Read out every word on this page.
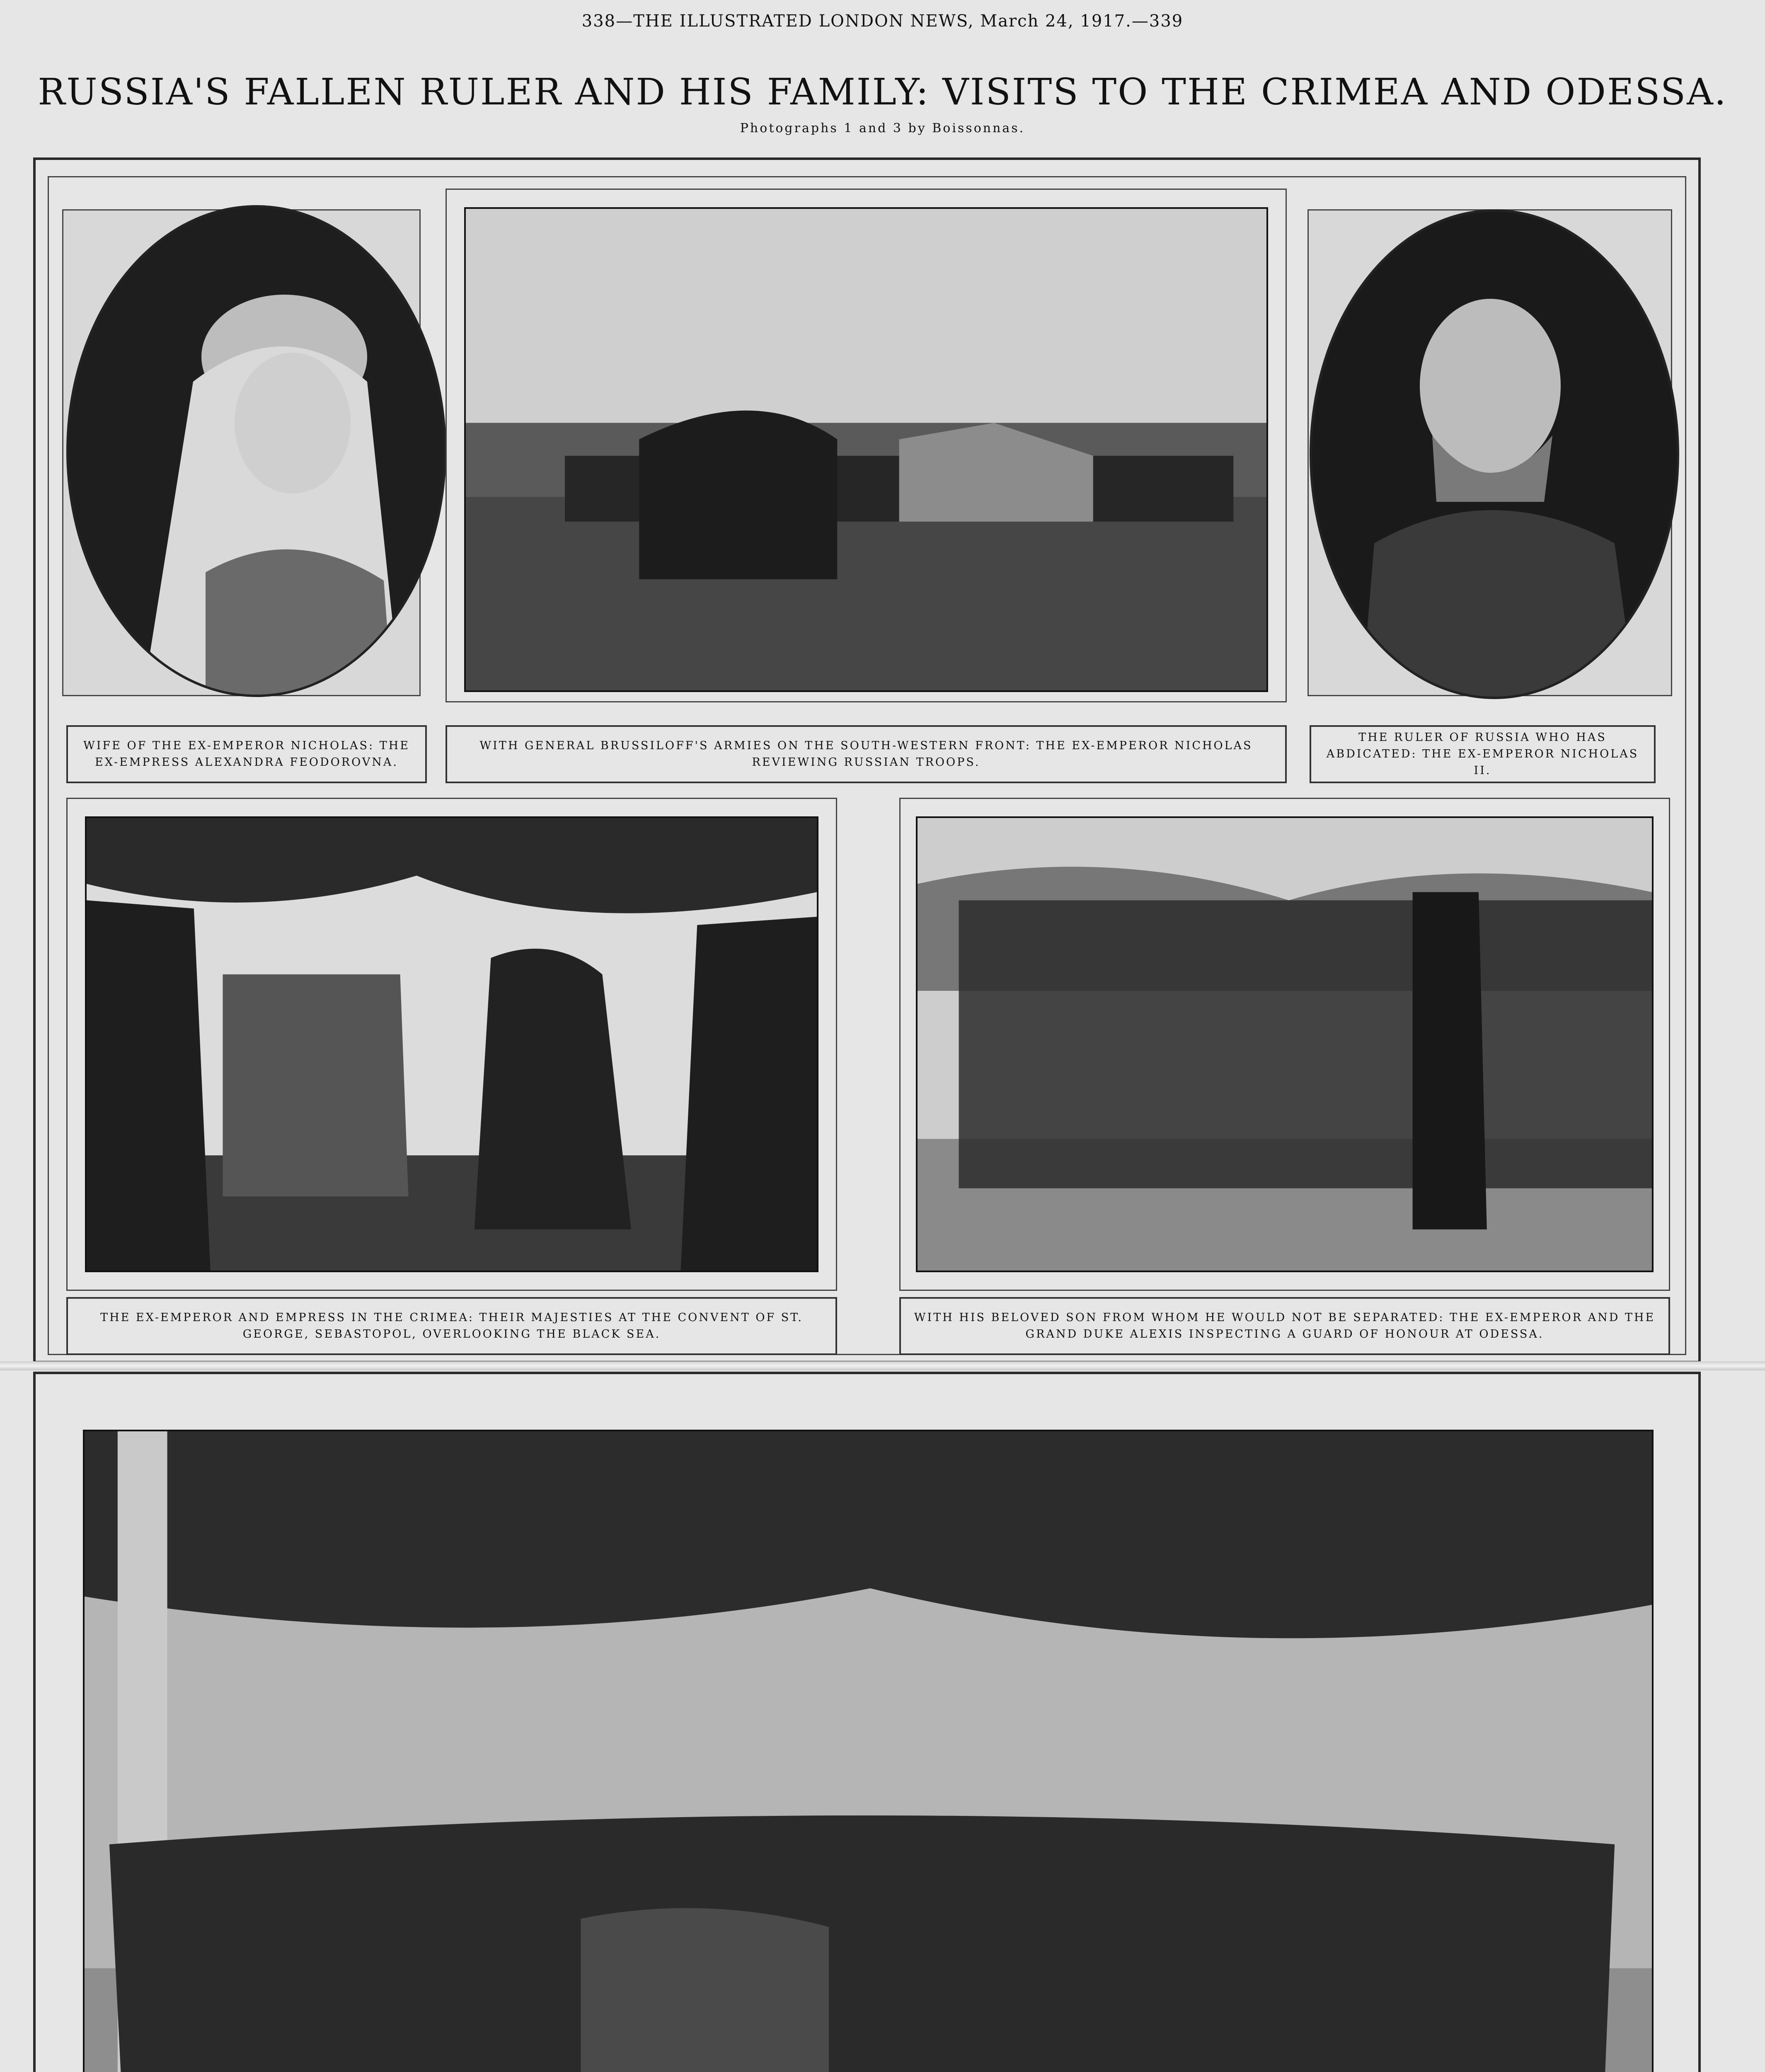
338—THE ILLUSTRATED LONDON NEWS, March 24, 1917.—339
RUSSIA'S FALLEN RULER AND HIS FAMILY: VISITS TO THE CRIMEA AND ODESSA.
Photographs 1 and 3 by Boissonnas.
WIFE OF THE EX-EMPEROR NICHOLAS: THE EX-EMPRESS ALEXANDRA FEODOROVNA.
WITH GENERAL BRUSSILOFF'S ARMIES ON THE SOUTH-WESTERN FRONT: THE EX-EMPEROR NICHOLAS REVIEWING RUSSIAN TROOPS.
THE RULER OF RUSSIA WHO HAS ABDICATED: THE EX-EMPEROR NICHOLAS II.
THE EX-EMPEROR AND EMPRESS IN THE CRIMEA: THEIR MAJESTIES AT THE CONVENT OF ST. GEORGE, SEBASTOPOL, OVERLOOKING THE BLACK SEA.
WITH HIS BELOVED SON FROM WHOM HE WOULD NOT BE SEPARATED: THE EX-EMPEROR AND THE GRAND DUKE ALEXIS INSPECTING A GUARD OF HONOUR AT ODESSA.
